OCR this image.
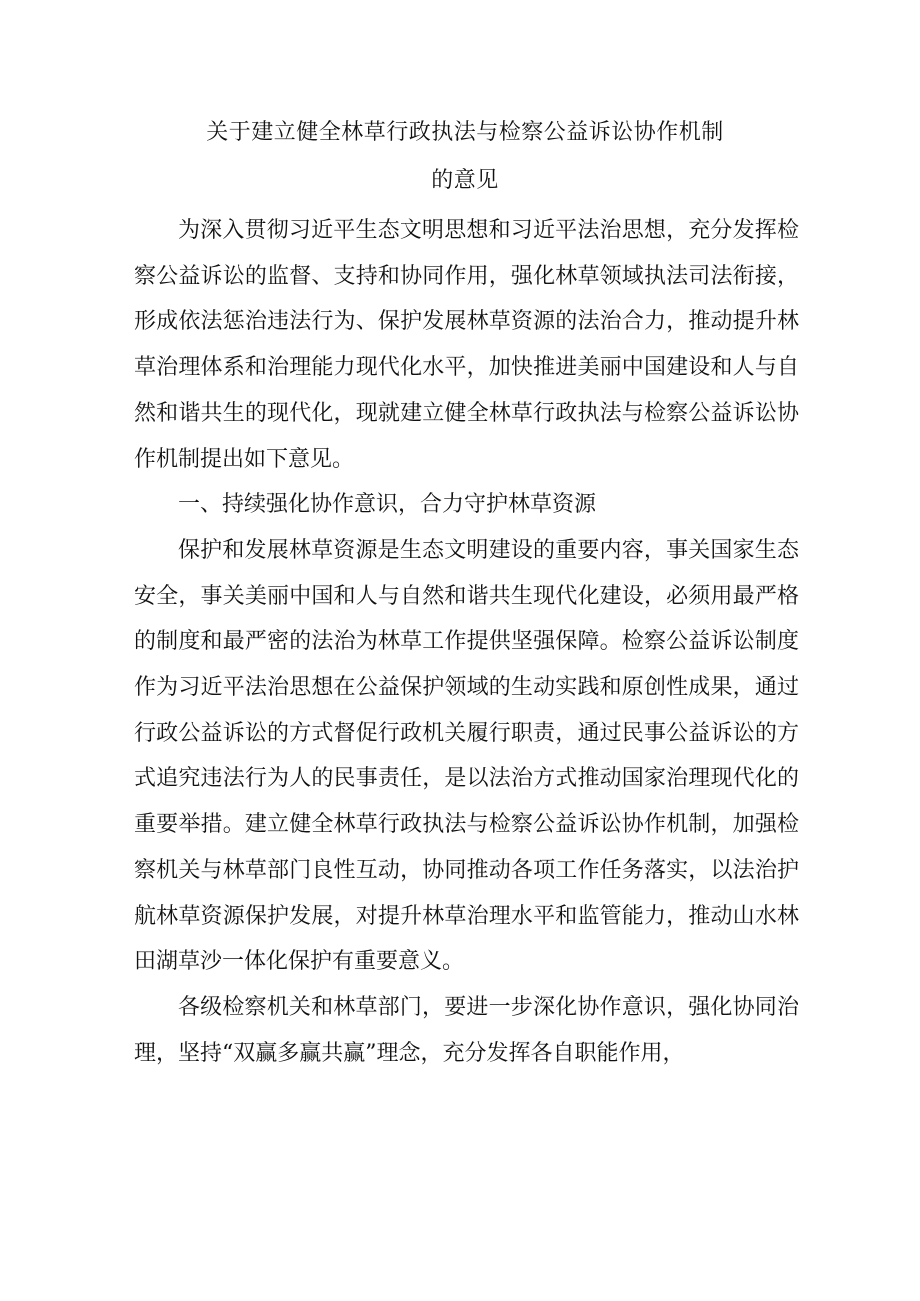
关于建立健全林草行政执法与检察公益诉讼协作机制
的意见

为深入贯彻习近平生态文明思想和习近平法治思想，充分发挥检察公益诉讼的监督、支持和协同作用，强化林草领域执法司法衔接，形成依法惩治违法行为、保护发展林草资源的法治合力，推动提升林草治理体系和治理能力现代化水平，加快推进美丽中国建设和人与自然和谐共生的现代化，现就建立健全林草行政执法与检察公益诉讼协作机制提出如下意见。

一、持续强化协作意识，合力守护林草资源

保护和发展林草资源是生态文明建设的重要内容，事关国家生态安全，事关美丽中国和人与自然和谐共生现代化建设，必须用最严格的制度和最严密的法治为林草工作提供坚强保障。检察公益诉讼制度作为习近平法治思想在公益保护领域的生动实践和原创性成果，通过行政公益诉讼的方式督促行政机关履行职责，通过民事公益诉讼的方式追究违法行为人的民事责任，是以法治方式推动国家治理现代化的重要举措。建立健全林草行政执法与检察公益诉讼协作机制，加强检察机关与林草部门良性互动，协同推动各项工作任务落实，以法治护航林草资源保护发展，对提升林草治理水平和监管能力，推动山水林田湖草沙一体化保护有重要意义。

各级检察机关和林草部门，要进一步深化协作意识，强化协同治理，坚持“双赢多赢共赢”理念，充分发挥各自职能作用，
